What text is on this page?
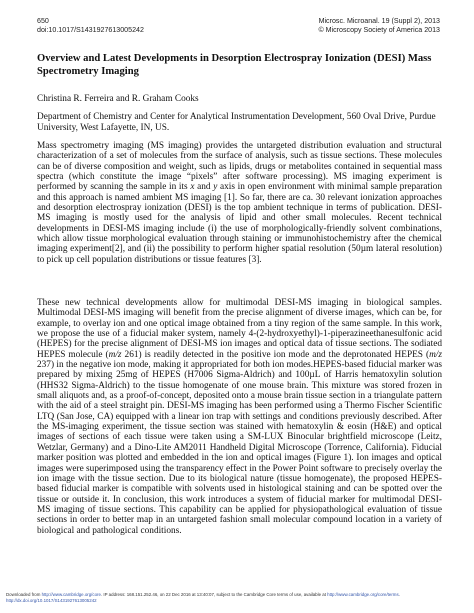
650
doi:10.1017/S1431927613005242
Microsc. Microanal. 19 (Suppl 2), 2013
© Microscopy Society of America 2013
Overview and Latest Developments in Desorption Electrospray Ionization (DESI) Mass Spectrometry Imaging
Christina R. Ferreira and R. Graham Cooks
Department of Chemistry and Center for Analytical Instrumentation Development, 560 Oval Drive, Purdue University, West Lafayette, IN, US.
Mass spectrometry imaging (MS imaging) provides the untargeted distribution evaluation and structural characterization of a set of molecules from the surface of analysis, such as tissue sections. These molecules can be of diverse composition and weight, such as lipids, drugs or metabolites contained in sequential mass spectra (which constitute the image “pixels” after software processing). MS imaging experiment is performed by scanning the sample in its x and y axis in open environment with minimal sample preparation and this approach is named ambient MS imaging [1]. So far, there are ca. 30 relevant ionization approaches and desorption electrospray ionization (DESI) is the top ambient technique in terms of publication. DESI-MS imaging is mostly used for the analysis of lipid and other small molecules. Recent technical developments in DESI-MS imaging include (i) the use of morphologically-friendly solvent combinations, which allow tissue morphological evaluation through staining or immunohistochemistry after the chemical imaging experiment[2], and (ii) the possibility to perform higher spatial resolution (50µm lateral resolution) to pick up cell population distributions or tissue features [3].
These new technical developments allow for multimodal DESI-MS imaging in biological samples. Multimodal DESI-MS imaging will benefit from the precise alignment of diverse images, which can be, for example, to overlay ion and one optical image obtained from a tiny region of the same sample. In this work, we propose the use of a fiducial maker system, namely 4-(2-hydroxyethyl)-1-piperazineethanesulfonic acid (HEPES) for the precise alignment of DESI-MS ion images and optical data of tissue sections. The sodiated HEPES molecule (m/z 261) is readily detected in the positive ion mode and the deprotonated HEPES (m/z 237) in the negative ion mode, making it appropriated for both ion modes.HEPES-based fiducial marker was prepared by mixing 25mg of HEPES (H7006 Sigma-Aldrich) and 100µL of Harris hematoxylin solution (HHS32 Sigma-Aldrich) to the tissue homogenate of one mouse brain. This mixture was stored frozen in small aliquots and, as a proof-of-concept, deposited onto a mouse brain tissue section in a triangulate pattern with the aid of a steel straight pin. DESI-MS imaging has been performed using a Thermo Fischer Scientific LTQ (San Jose, CA) equipped with a linear ion trap with settings and conditions previously described. After the MS-imaging experiment, the tissue section was stained with hematoxylin & eosin (H&E) and optical images of sections of each tissue were taken using a SM-LUX Binocular brightfield microscope (Leitz, Wetzlar, Germany) and a Dino-Lite AM2011 Handheld Digital Microscope (Torrence, California). Fiducial marker position was plotted and embedded in the ion and optical images (Figure 1). Ion images and optical images were superimposed using the transparency effect in the Power Point software to precisely overlay the ion image with the tissue section. Due to its biological nature (tissue homogenate), the proposed HEPES-based fiducial marker is compatible with solvents used in histological staining and can be spotted over the tissue or outside it. In conclusion, this work introduces a system of fiducial marker for multimodal DESI-MS imaging of tissue sections. This capability can be applied for physiopathological evaluation of tissue sections in order to better map in an untargeted fashion small molecular compound location in a variety of biological and pathological conditions.
Downloaded from http://www.cambridge.org/core. IP address: 168.151.252.46, on 22 Dec 2016 at 13:40:07, subject to the Cambridge Core terms of use, available at http://www.cambridge.org/core/terms.
http://dx.doi.org/10.1017/S1431927613005242
